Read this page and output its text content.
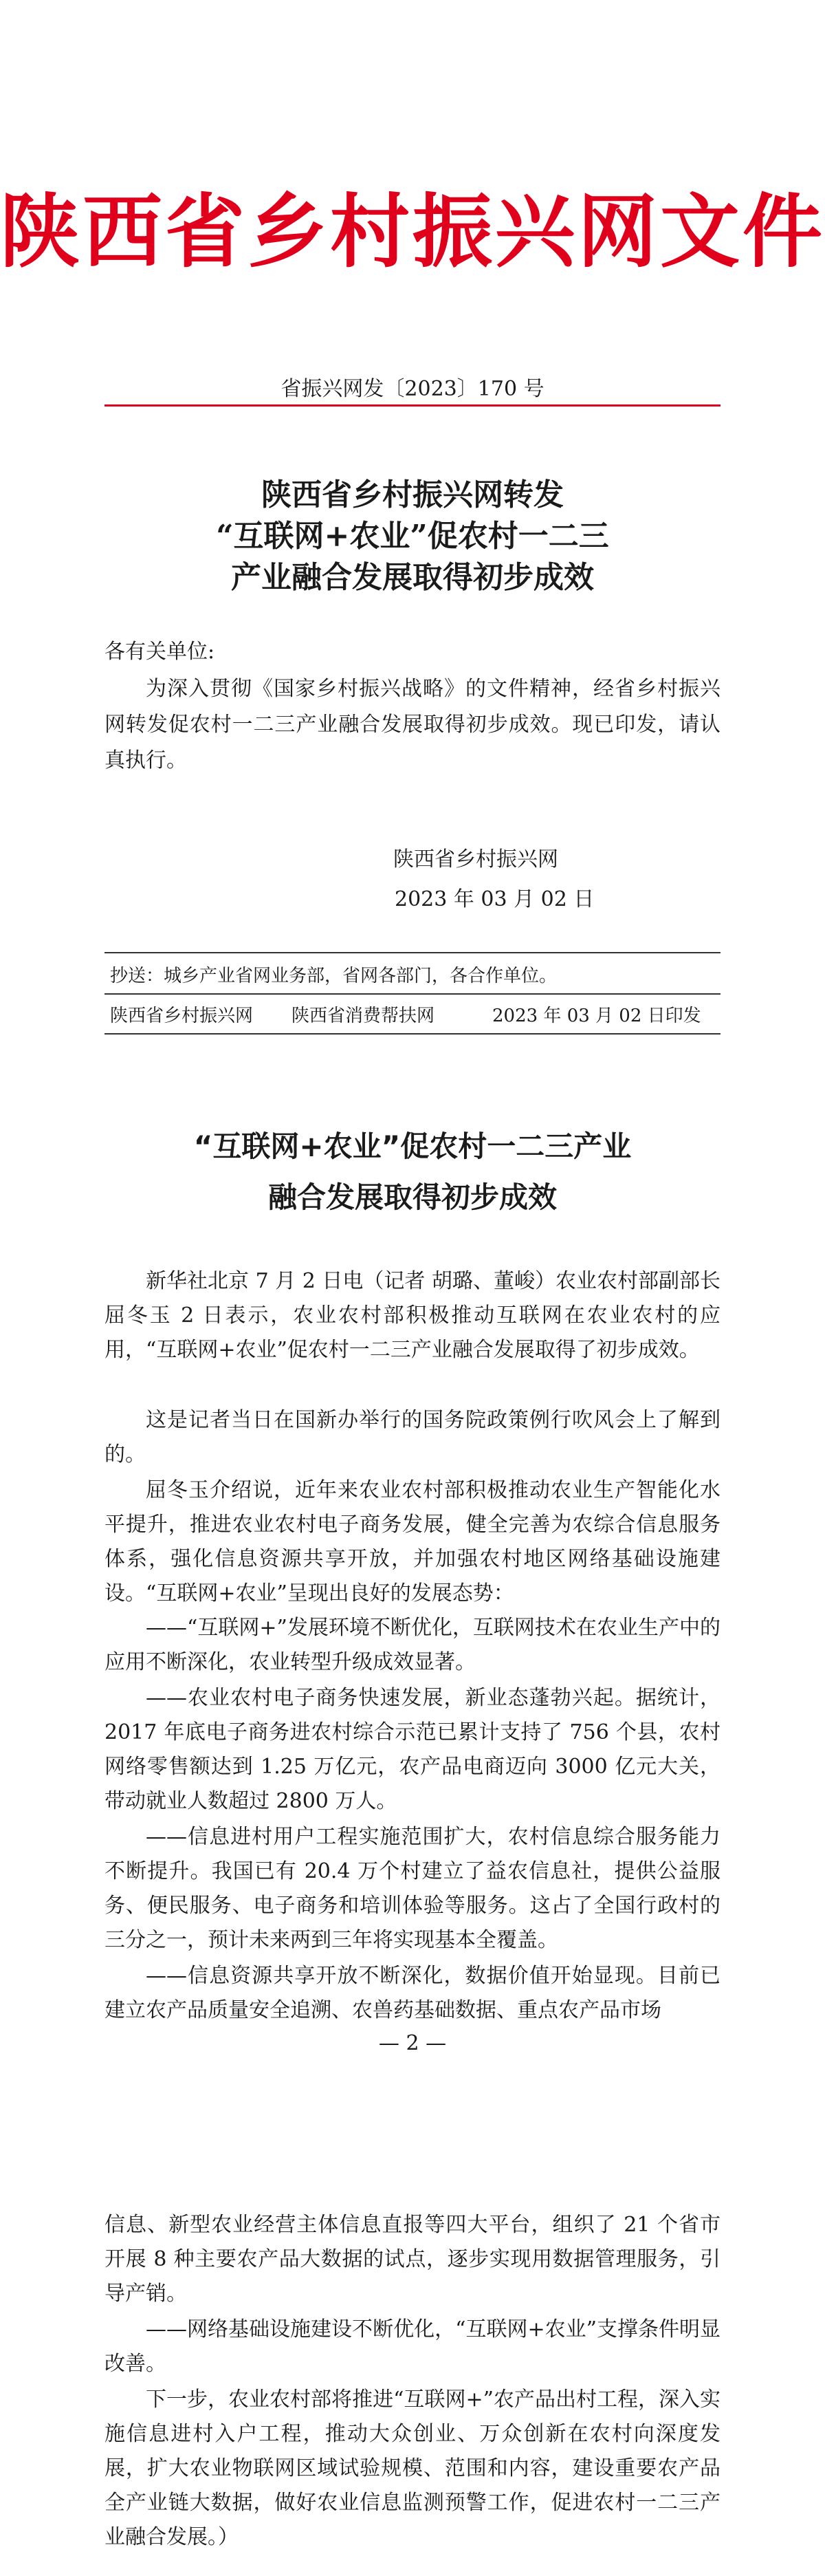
陕西省乡村振兴网文件
省振兴网发〔2023〕170 号
陕西省乡村振兴网转发
“互联网+农业”促农村一二三
产业融合发展取得初步成效
各有关单位:
为深入贯彻《国家乡村振兴战略》的文件精神，经省乡村振兴网转发促农村一二三产业融合发展取得初步成效。现已印发，请认真执行。
陕西省乡村振兴网
2023 年 03 月 02 日
抄送：城乡产业省网业务部，省网各部门，各合作单位。
陕西省乡村振兴网 陕西省消费帮扶网	2023 年 03 月 02 日印发
“互联网+农业”促农村一二三产业
融合发展取得初步成效
新华社北京 7 月 2 日电（记者 胡璐、董峻）农业农村部副部长屈冬玉 2 日表示，农业农村部积极推动互联网在农业农村的应用，“互联网+农业”促农村一二三产业融合发展取得了初步成效。
这是记者当日在国新办举行的国务院政策例行吹风会上了解到的。
屈冬玉介绍说，近年来农业农村部积极推动农业生产智能化水平提升，推进农业农村电子商务发展，健全完善为农综合信息服务体系，强化信息资源共享开放，并加强农村地区网络基础设施建设。“互联网+农业”呈现出良好的发展态势：
——“互联网+”发展环境不断优化，互联网技术在农业生产中的应用不断深化，农业转型升级成效显著。
——农业农村电子商务快速发展，新业态蓬勃兴起。据统计，2017 年底电子商务进农村综合示范已累计支持了 756 个县，农村网络零售额达到 1.25 万亿元，农产品电商迈向 3000 亿元大关，带动就业人数超过 2800 万人。
——信息进村用户工程实施范围扩大，农村信息综合服务能力不断提升。我国已有 20.4 万个村建立了益农信息社，提供公益服务、便民服务、电子商务和培训体验等服务。这占了全国行政村的三分之一，预计未来两到三年将实现基本全覆盖。
——信息资源共享开放不断深化，数据价值开始显现。目前已建立农产品质量安全追溯、农兽药基础数据、重点农产品市场
— 2 —
信息、新型农业经营主体信息直报等四大平台，组织了 21 个省市开展 8 种主要农产品大数据的试点，逐步实现用数据管理服务，引导产销。
——网络基础设施建设不断优化，“互联网+农业”支撑条件明显改善。
下一步，农业农村部将推进“互联网+”农产品出村工程，深入实施信息进村入户工程，推动大众创业、万众创新在农村向深度发展，扩大农业物联网区域试验规模、范围和内容，建设重要农产品全产业链大数据，做好农业信息监测预警工作，促进农村一二三产业融合发展。）
